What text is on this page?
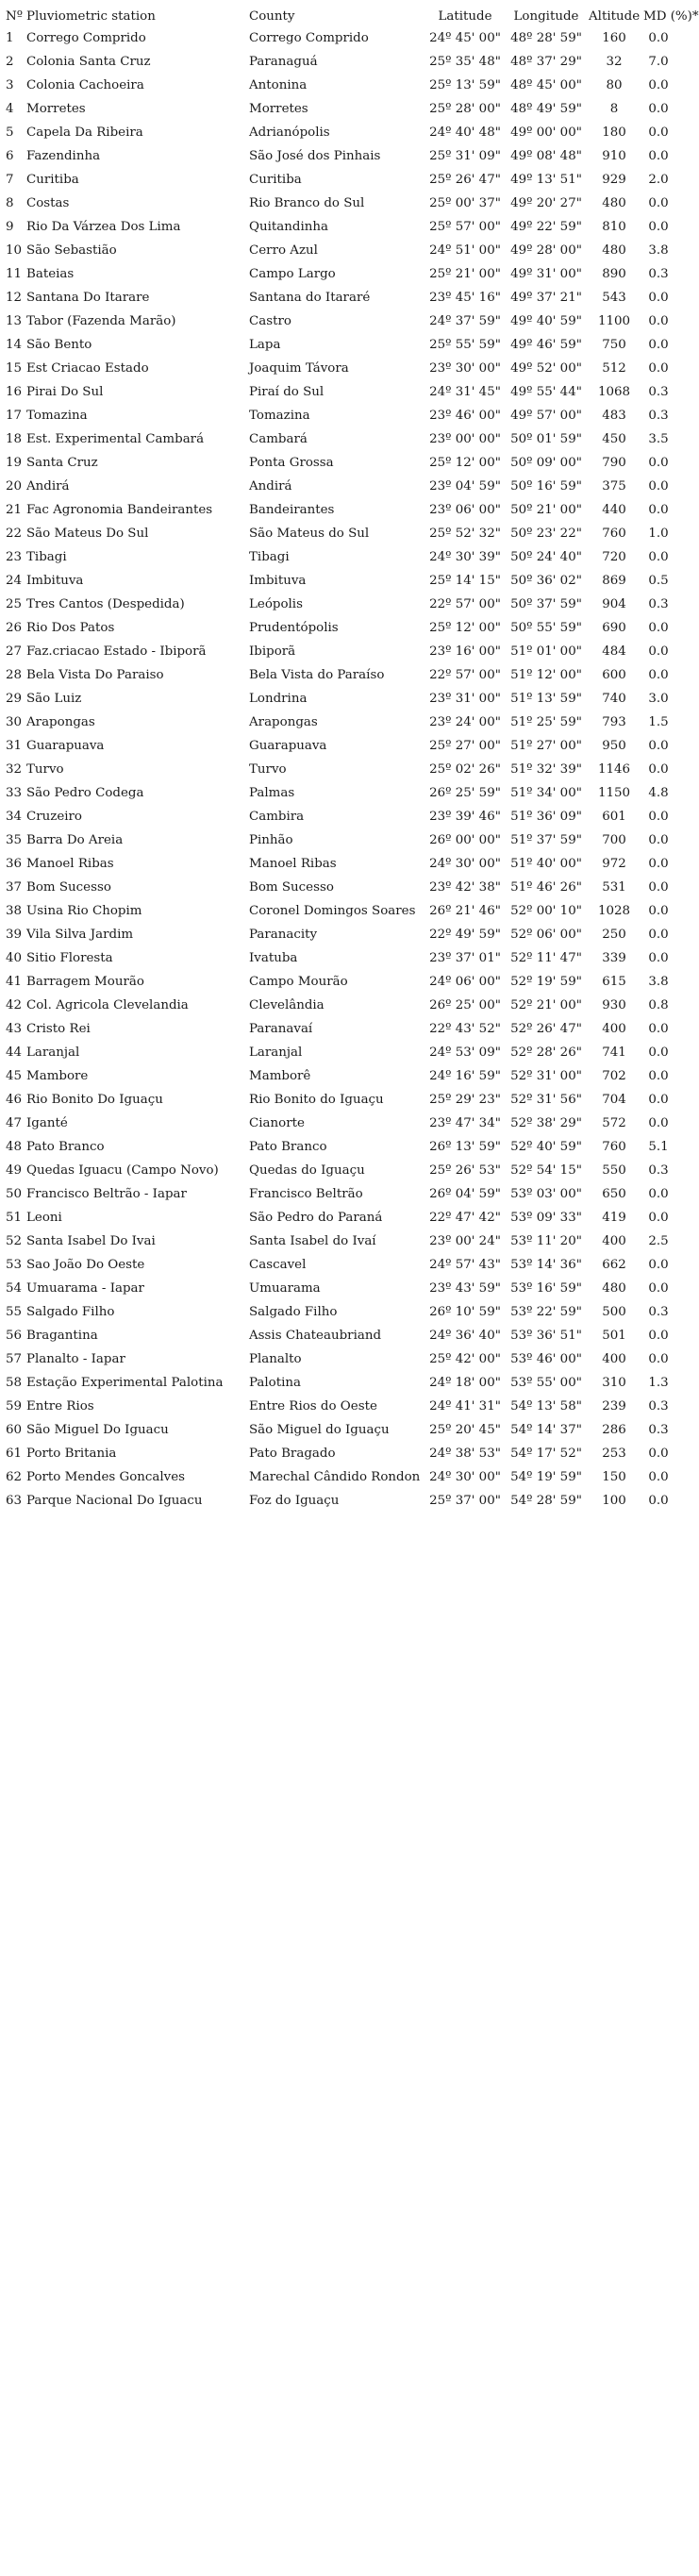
Nº	Pluviometric station	County	Latitude	Longitude	Altitude	MD (%)*
1	Corrego Comprido	Corrego Comprido	24º 45' 00"	48º 28' 59"	160	0.0
2	Colonia Santa Cruz	Paranaguá	25º 35' 48"	48º 37' 29"	32	7.0
3	Colonia Cachoeira	Antonina	25º 13' 59"	48º 45' 00"	80	0.0
4	Morretes	Morretes	25º 28' 00"	48º 49' 59"	8	0.0
5	Capela Da Ribeira	Adrianópolis	24º 40' 48"	49º 00' 00"	180	0.0
6	Fazendinha	São José dos Pinhais	25º 31' 09"	49º 08' 48"	910	0.0
7	Curitiba	Curitiba	25º 26' 47"	49º 13' 51"	929	2.0
8	Costas	Rio Branco do Sul	25º 00' 37"	49º 20' 27"	480	0.0
9	Rio Da Várzea Dos Lima	Quitandinha	25º 57' 00"	49º 22' 59"	810	0.0
10	São Sebastião	Cerro Azul	24º 51' 00"	49º 28' 00"	480	3.8
11	Bateias	Campo Largo	25º 21' 00"	49º 31' 00"	890	0.3
12	Santana Do Itarare	Santana do Itararé	23º 45' 16"	49º 37' 21"	543	0.0
13	Tabor (Fazenda Marão)	Castro	24º 37' 59"	49º 40' 59"	1100	0.0
14	São Bento	Lapa	25º 55' 59"	49º 46' 59"	750	0.0
15	Est Criacao Estado	Joaquim Távora	23º 30' 00"	49º 52' 00"	512	0.0
16	Pirai Do Sul	Piraí do Sul	24º 31' 45"	49º 55' 44"	1068	0.3
17	Tomazina	Tomazina	23º 46' 00"	49º 57' 00"	483	0.3
18	Est. Experimental Cambará	Cambará	23º 00' 00"	50º 01' 59"	450	3.5
19	Santa Cruz	Ponta Grossa	25º 12' 00"	50º 09' 00"	790	0.0
20	Andirá	Andirá	23º 04' 59"	50º 16' 59"	375	0.0
21	Fac Agronomia Bandeirantes	Bandeirantes	23º 06' 00"	50º 21' 00"	440	0.0
22	São Mateus Do Sul	São Mateus do Sul	25º 52' 32"	50º 23' 22"	760	1.0
23	Tibagi	Tibagi	24º 30' 39"	50º 24' 40"	720	0.0
24	Imbituva	Imbituva	25º 14' 15"	50º 36' 02"	869	0.5
25	Tres Cantos (Despedida)	Leópolis	22º 57' 00"	50º 37' 59"	904	0.3
26	Rio Dos Patos	Prudentópolis	25º 12' 00"	50º 55' 59"	690	0.0
27	Faz.criacao Estado - Ibiporã	Ibiporã	23º 16' 00"	51º 01' 00"	484	0.0
28	Bela Vista Do Paraiso	Bela Vista do Paraíso	22º 57' 00"	51º 12' 00"	600	0.0
29	São Luiz	Londrina	23º 31' 00"	51º 13' 59"	740	3.0
30	Arapongas	Arapongas	23º 24' 00"	51º 25' 59"	793	1.5
31	Guarapuava	Guarapuava	25º 27' 00"	51º 27' 00"	950	0.0
32	Turvo	Turvo	25º 02' 26"	51º 32' 39"	1146	0.0
33	São Pedro Codega	Palmas	26º 25' 59"	51º 34' 00"	1150	4.8
34	Cruzeiro	Cambira	23º 39' 46"	51º 36' 09"	601	0.0
35	Barra Do Areia	Pinhão	26º 00' 00"	51º 37' 59"	700	0.0
36	Manoel Ribas	Manoel Ribas	24º 30' 00"	51º 40' 00"	972	0.0
37	Bom Sucesso	Bom Sucesso	23º 42' 38"	51º 46' 26"	531	0.0
38	Usina Rio Chopim	Coronel Domingos Soares	26º 21' 46"	52º 00' 10"	1028	0.0
39	Vila Silva Jardim	Paranacity	22º 49' 59"	52º 06' 00"	250	0.0
40	Sitio Floresta	Ivatuba	23º 37' 01"	52º 11' 47"	339	0.0
41	Barragem Mourão	Campo Mourão	24º 06' 00"	52º 19' 59"	615	3.8
42	Col. Agricola Clevelandia	Clevelândia	26º 25' 00"	52º 21' 00"	930	0.8
43	Cristo Rei	Paranavaí	22º 43' 52"	52º 26' 47"	400	0.0
44	Laranjal	Laranjal	24º 53' 09"	52º 28' 26"	741	0.0
45	Mambore	Mamborê	24º 16' 59"	52º 31' 00"	702	0.0
46	Rio Bonito Do Iguaçu	Rio Bonito do Iguaçu	25º 29' 23"	52º 31' 56"	704	0.0
47	Iganté	Cianorte	23º 47' 34"	52º 38' 29"	572	0.0
48	Pato Branco	Pato Branco	26º 13' 59"	52º 40' 59"	760	5.1
49	Quedas Iguacu (Campo Novo)	Quedas do Iguaçu	25º 26' 53"	52º 54' 15"	550	0.3
50	Francisco Beltrão - Iapar	Francisco Beltrão	26º 04' 59"	53º 03' 00"	650	0.0
51	Leoni	São Pedro do Paraná	22º 47' 42"	53º 09' 33"	419	0.0
52	Santa Isabel Do Ivai	Santa Isabel do Ivaí	23º 00' 24"	53º 11' 20"	400	2.5
53	Sao João Do Oeste	Cascavel	24º 57' 43"	53º 14' 36"	662	0.0
54	Umuarama - Iapar	Umuarama	23º 43' 59"	53º 16' 59"	480	0.0
55	Salgado Filho	Salgado Filho	26º 10' 59"	53º 22' 59"	500	0.3
56	Bragantina	Assis Chateaubriand	24º 36' 40"	53º 36' 51"	501	0.0
57	Planalto - Iapar	Planalto	25º 42' 00"	53º 46' 00"	400	0.0
58	Estação Experimental Palotina	Palotina	24º 18' 00"	53º 55' 00"	310	1.3
59	Entre Rios	Entre Rios do Oeste	24º 41' 31"	54º 13' 58"	239	0.3
60	São Miguel Do Iguacu	São Miguel do Iguaçu	25º 20' 45"	54º 14' 37"	286	0.3
61	Porto Britania	Pato Bragado	24º 38' 53"	54º 17' 52"	253	0.0
62	Porto Mendes Goncalves	Marechal Cândido Rondon	24º 30' 00"	54º 19' 59"	150	0.0
63	Parque Nacional Do Iguacu	Foz do Iguaçu	25º 37' 00"	54º 28' 59"	100	0.0
